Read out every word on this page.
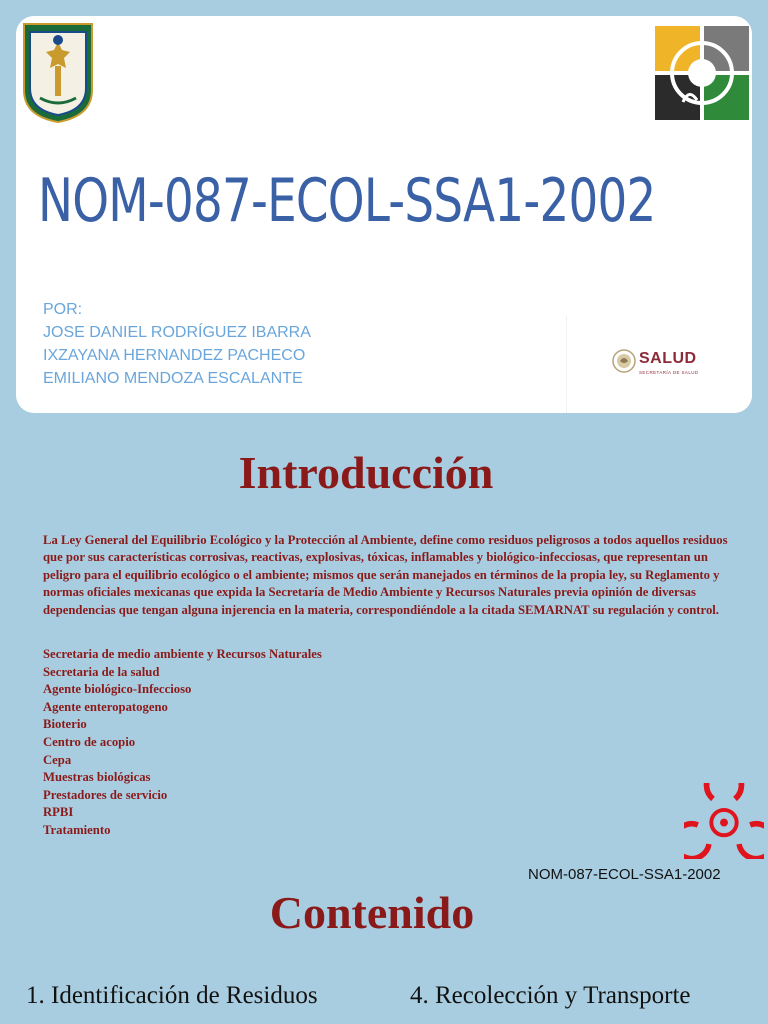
NOM-087-ECOL-SSA1-2002
POR:
JOSE DANIEL RODRÍGUEZ IBARRA
IXZAYANA HERNANDEZ PACHECO
EMILIANO MENDOZA ESCALANTE
SALUD
SECRETARÍA DE SALUD
Introducción

La Ley General del Equilibrio Ecológico y la Protección al Ambiente, define como residuos peligrosos a todos aquellos residuos que por sus características corrosivas, reactivas, explosivas, tóxicas, inflamables y biológico-infecciosas, que representan un peligro para el equilibrio ecológico o el ambiente; mismos que serán manejados en términos de la propia ley, su Reglamento y normas oficiales mexicanas que expida la Secretaría de Medio Ambiente y Recursos Naturales previa opinión de diversas dependencias que tengan alguna injerencia en la materia, correspondiéndole a la citada SEMARNAT su regulación y control.

Secretaria de medio ambiente y Recursos Naturales
Secretaria de la salud
Agente biológico-Infeccioso
Agente enteropatogeno
Bioterio
Centro de acopio
Cepa
Muestras biológicas
Prestadores de servicio
RPBI
Tratamiento
NOM-087-ECOL-SSA1-2002
Contenido

1. Identificación de Residuos	4. Recolección y Transporte
